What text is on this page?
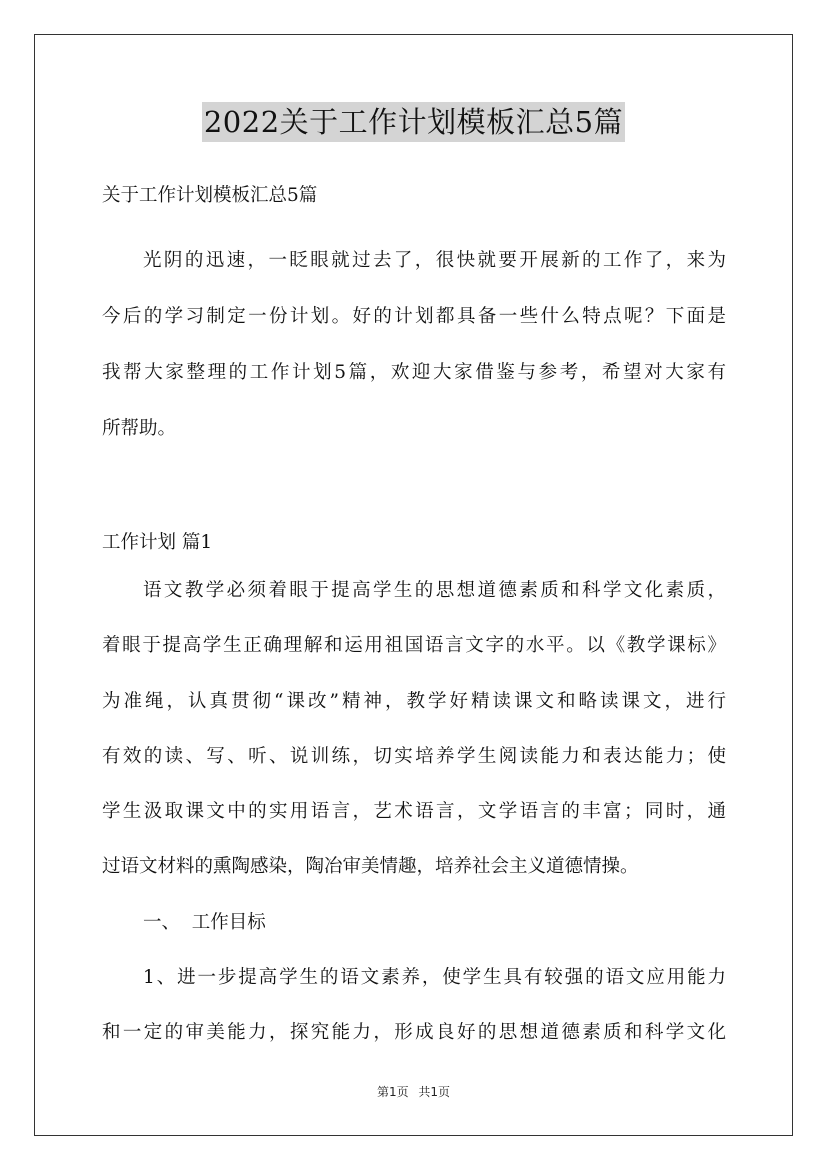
2022关于工作计划模板汇总5篇
关于工作计划模板汇总5篇
光阴的迅速，一眨眼就过去了，很快就要开展新的工作了，来为
今后的学习制定一份计划。好的计划都具备一些什么特点呢？下面是
我帮大家整理的工作计划5篇，欢迎大家借鉴与参考，希望对大家有
所帮助。
工作计划 篇1
语文教学必须着眼于提高学生的思想道德素质和科学文化素质，
着眼于提高学生正确理解和运用祖国语言文字的水平。以《教学课标》
为准绳，认真贯彻“课改”精神，教学好精读课文和略读课文，进行
有效的读、写、听、说训练，切实培养学生阅读能力和表达能力；使
学生汲取课文中的实用语言，艺术语言，文学语言的丰富；同时，通
过语文材料的熏陶感染，陶冶审美情趣，培养社会主义道德情操。
一、  工作目标
1、进一步提高学生的语文素养，使学生具有较强的语文应用能力
和一定的审美能力，探究能力，形成良好的思想道德素质和科学文化
第1页 共1页
